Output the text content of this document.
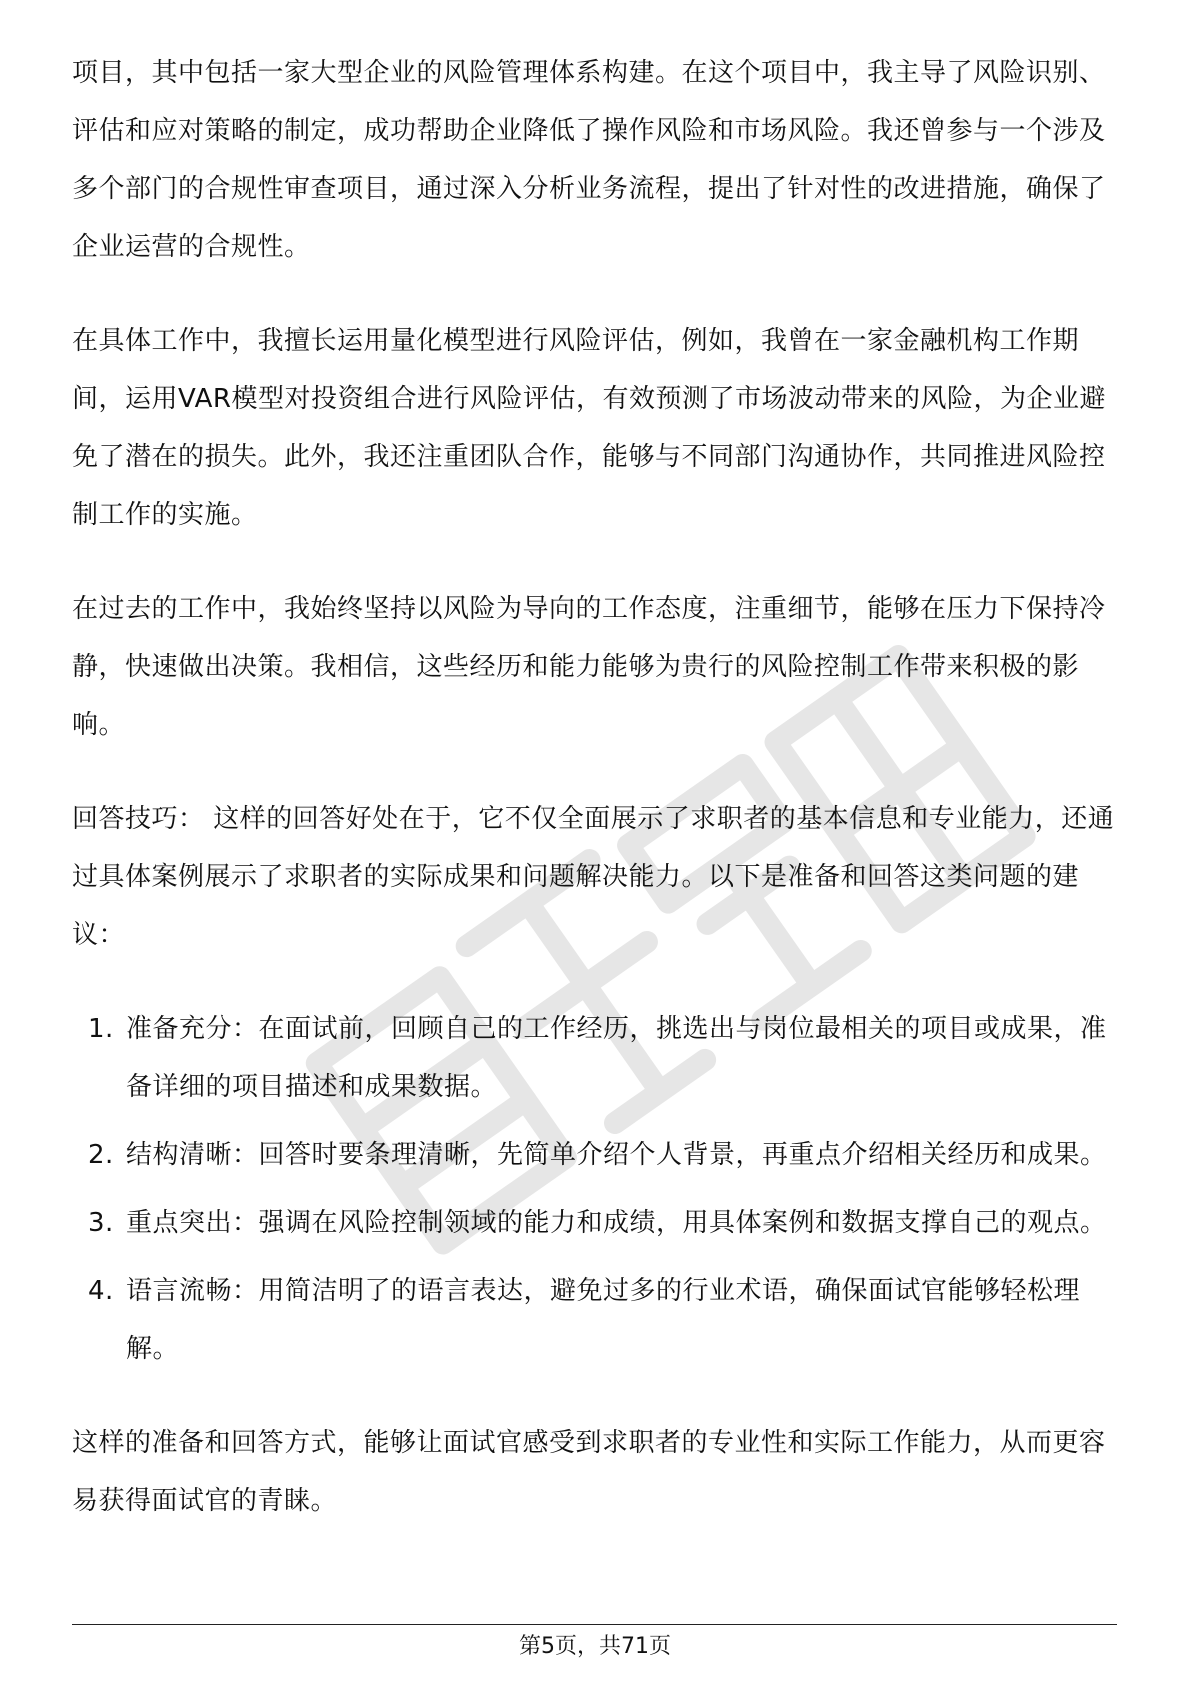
项目，其中包括一家大型企业的风险管理体系构建。在这个项目中，我主导了风险识别、评估和应对策略的制定，成功帮助企业降低了操作风险和市场风险。我还曾参与一个涉及多个部门的合规性审查项目，通过深入分析业务流程，提出了针对性的改进措施，确保了企业运营的合规性。

在具体工作中，我擅长运用量化模型进行风险评估，例如，我曾在一家金融机构工作期间，运用VAR模型对投资组合进行风险评估，有效预测了市场波动带来的风险，为企业避免了潜在的损失。此外，我还注重团队合作，能够与不同部门沟通协作，共同推进风险控制工作的实施。

在过去的工作中，我始终坚持以风险为导向的工作态度，注重细节，能够在压力下保持冷静，快速做出决策。我相信，这些经历和能力能够为贵行的风险控制工作带来积极的影响。

回答技巧： 这样的回答好处在于，它不仅全面展示了求职者的基本信息和专业能力，还通过具体案例展示了求职者的实际成果和问题解决能力。以下是准备和回答这类问题的建议：

1. 准备充分：在面试前，回顾自己的工作经历，挑选出与岗位最相关的项目或成果，准备详细的项目描述和成果数据。
2. 结构清晰：回答时要条理清晰，先简单介绍个人背景，再重点介绍相关经历和成果。
3. 重点突出：强调在风险控制领域的能力和成绩，用具体案例和数据支撑自己的观点。
4. 语言流畅：用简洁明了的语言表达，避免过多的行业术语，确保面试官能够轻松理解。

这样的准备和回答方式，能够让面试官感受到求职者的专业性和实际工作能力，从而更容易获得面试官的青睐。

第5页，共71页
